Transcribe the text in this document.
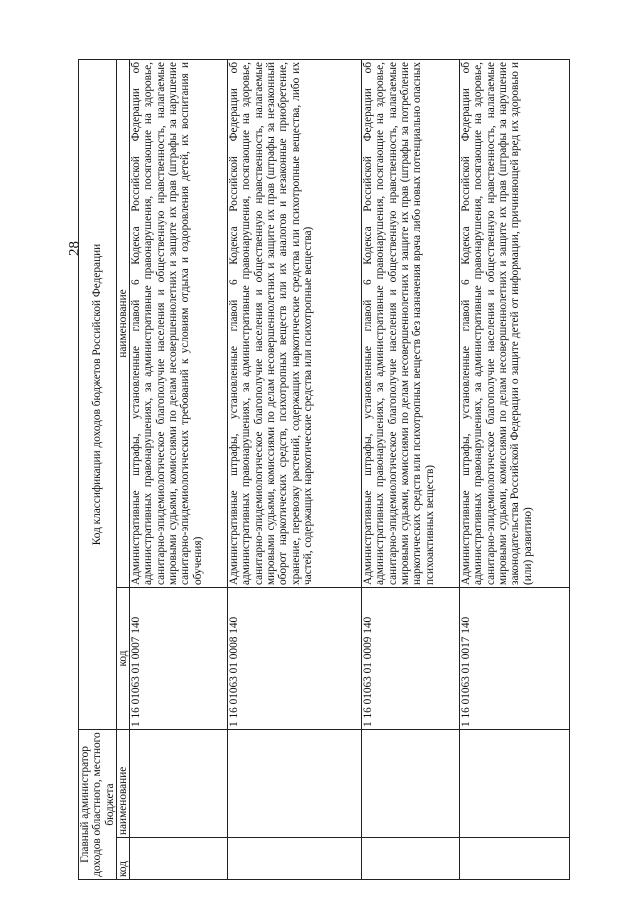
28
Главный администратор доходов областного, местного бюджета		Код классификации доходов бюджетов Российской Федерации	
код	наименование	код	наименование
		1 16 01063 01 0007 140	Административные штрафы, установленные главой 6 Кодекса Российской Федерации об административных правонарушениях, за административные правонарушения, посягающие на здоровье, санитарно-эпидемиологическое благополучие населения и общественную нравственность, налагаемые мировыми судьями, комиссиями по делам несовершеннолетних и защите их прав (штрафы за нарушение санитарно-эпидемиологических требований к условиям отдыха и оздоровления детей, их воспитания и обучения)
		1 16 01063 01 0008 140	Административные штрафы, установленные главой 6 Кодекса Российской Федерации об административных правонарушениях, за административные правонарушения, посягающие на здоровье, санитарно-эпидемиологическое благополучие населения и общественную нравственность, налагаемые мировыми судьями, комиссиями по делам несовершеннолетних и защите их прав (штрафы за незаконный оборот наркотических средств, психотропных веществ или их аналогов и незаконные приобретение, хранение, перевозку растений, содержащих наркотические средства или психотропные вещества, либо их частей, содержащих наркотические средства или психотропные вещества)
		1 16 01063 01 0009 140	Административные штрафы, установленные главой 6 Кодекса Российской Федерации об административных правонарушениях, за административные правонарушения, посягающие на здоровье, санитарно-эпидемиологическое благополучие населения и общественную нравственность, налагаемые мировыми судьями, комиссиями по делам несовершеннолетних и защите их прав (штрафы за потребление наркотических средств или психотропных веществ без назначения врача либо новых потенциально опасных психоактивных веществ)
		1 16 01063 01 0017 140	Административные штрафы, установленные главой 6 Кодекса Российской Федерации об административных правонарушениях, за административные правонарушения, посягающие на здоровье, санитарно-эпидемиологическое благополучие населения и общественную нравственность, налагаемые мировыми судьями, комиссиями по делам несовершеннолетних и защите их прав (штрафы за нарушение законодательства Российской Федерации о защите детей от информации, причиняющей вред их здоровью и (или) развитию)
